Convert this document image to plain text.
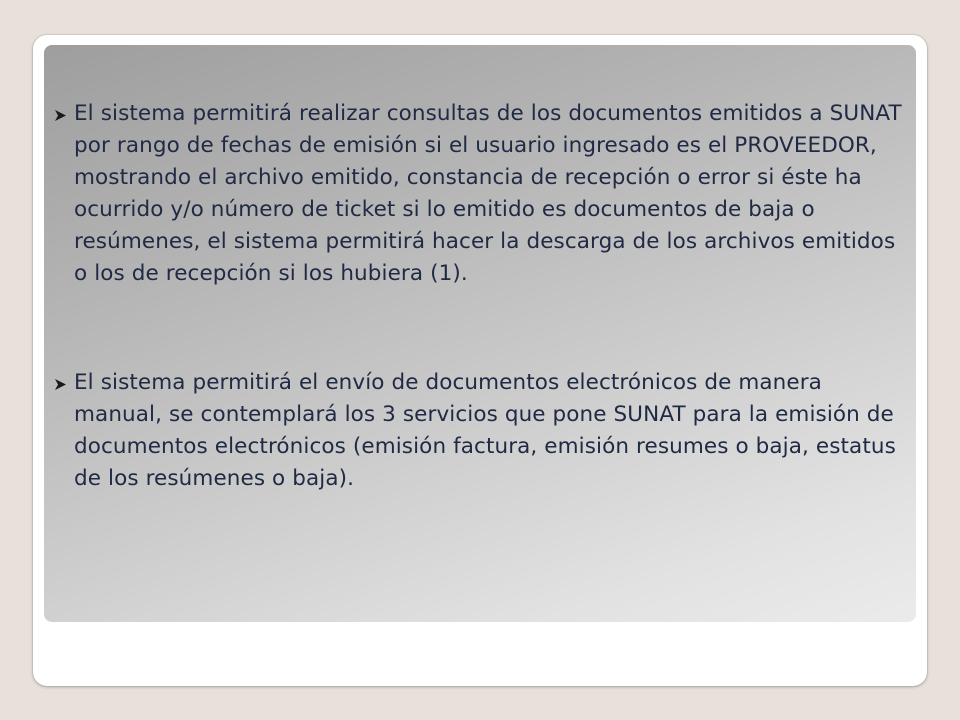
El sistema permitirá realizar consultas de los documentos emitidos a SUNAT por rango de fechas de emisión si el usuario ingresado es el PROVEEDOR, mostrando el archivo emitido, constancia de recepción o error si éste ha ocurrido y/o número de ticket si lo emitido es documentos de baja o resúmenes, el sistema permitirá hacer la descarga de los archivos emitidos o los de recepción si los hubiera (1).
El sistema permitirá el envío de documentos electrónicos de manera manual, se contemplará los 3 servicios que pone SUNAT para la emisión de documentos electrónicos (emisión factura, emisión resumes o baja, estatus de los resúmenes o baja).
